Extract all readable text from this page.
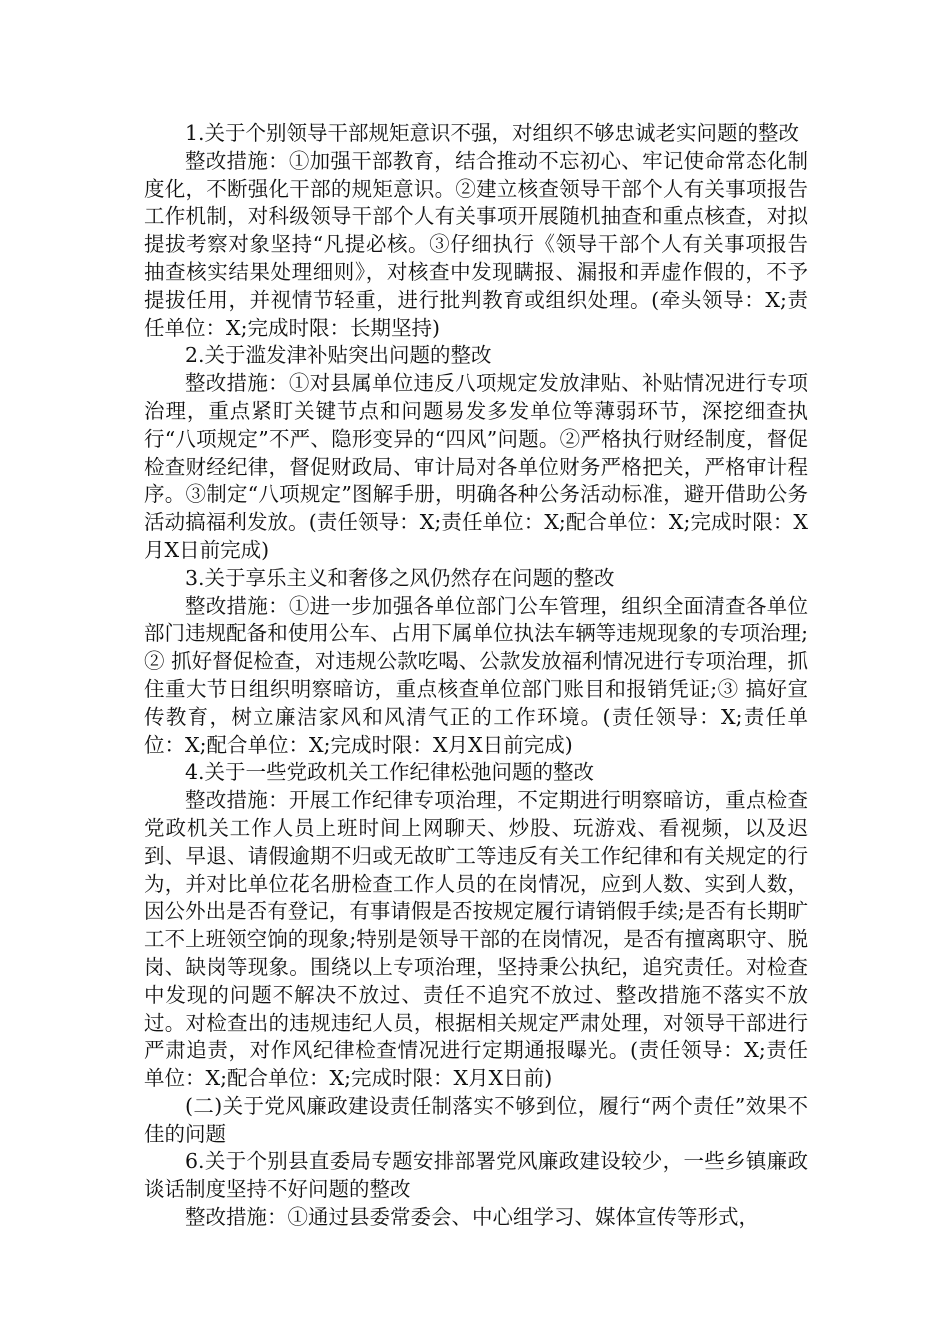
1.关于个别领导干部规矩意识不强，对组织不够忠诚老实问题的整改

整改措施：①加强干部教育，结合推动不忘初心、牢记使命常态化制度化，不断强化干部的规矩意识。②建立核查领导干部个人有关事项报告工作机制，对科级领导干部个人有关事项开展随机抽查和重点核查，对拟提拔考察对象坚持“凡提必核。③仔细执行《领导干部个人有关事项报告抽查核实结果处理细则》，对核查中发现瞒报、漏报和弄虚作假的，不予提拔任用，并视情节轻重，进行批判教育或组织处理。(牵头领导：X;责任单位：X;完成时限：长期坚持)

2.关于滥发津补贴突出问题的整改

整改措施：①对县属单位违反八项规定发放津贴、补贴情况进行专项治理，重点紧盯关键节点和问题易发多发单位等薄弱环节，深挖细查执行“八项规定”不严、隐形变异的“四风”问题。②严格执行财经制度，督促检查财经纪律，督促财政局、审计局对各单位财务严格把关，严格审计程序。③制定“八项规定”图解手册，明确各种公务活动标准，避开借助公务活动搞福利发放。(责任领导：X;责任单位：X;配合单位：X;完成时限：X月X日前完成)

3.关于享乐主义和奢侈之风仍然存在问题的整改

整改措施：①进一步加强各单位部门公车管理，组织全面清查各单位部门违规配备和使用公车、占用下属单位执法车辆等违规现象的专项治理;② 抓好督促检查，对违规公款吃喝、公款发放福利情况进行专项治理，抓住重大节日组织明察暗访，重点核查单位部门账目和报销凭证;③ 搞好宣传教育，树立廉洁家风和风清气正的工作环境。(责任领导：X;责任单位：X;配合单位：X;完成时限：X月X日前完成)

4.关于一些党政机关工作纪律松弛问题的整改

整改措施：开展工作纪律专项治理，不定期进行明察暗访，重点检查党政机关工作人员上班时间上网聊天、炒股、玩游戏、看视频，以及迟到、早退、请假逾期不归或无故旷工等违反有关工作纪律和有关规定的行为，并对比单位花名册检查工作人员的在岗情况，应到人数、实到人数，因公外出是否有登记，有事请假是否按规定履行请销假手续;是否有长期旷工不上班领空饷的现象;特别是领导干部的在岗情况，是否有擅离职守、脱岗、缺岗等现象。围绕以上专项治理，坚持秉公执纪，追究责任。对检查中发现的问题不解决不放过、责任不追究不放过、整改措施不落实不放过。对检查出的违规违纪人员，根据相关规定严肃处理，对领导干部进行严肃追责，对作风纪律检查情况进行定期通报曝光。(责任领导：X;责任单位：X;配合单位：X;完成时限：X月X日前)

(二)关于党风廉政建设责任制落实不够到位，履行“两个责任”效果不佳的问题

6.关于个别县直委局专题安排部署党风廉政建设较少，一些乡镇廉政谈话制度坚持不好问题的整改

整改措施：①通过县委常委会、中心组学习、媒体宣传等形式，
